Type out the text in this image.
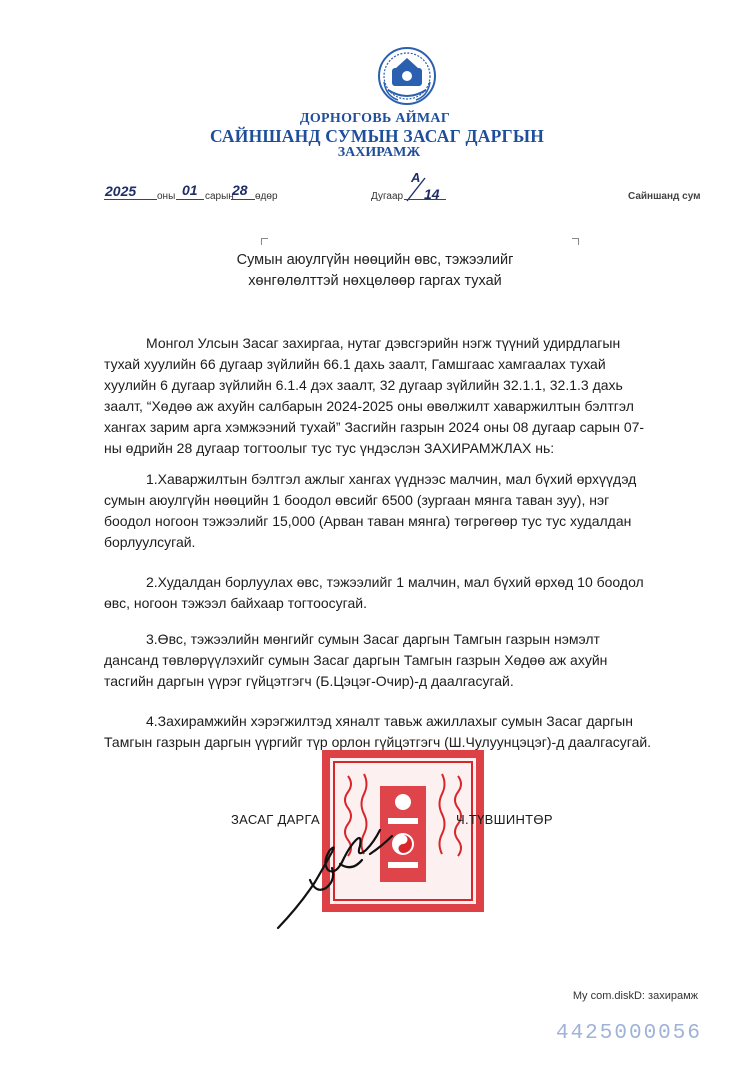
ДОРНОГОВЬ АЙМАГ
САЙНШАНД СУМЫН ЗАСАГ ДАРГЫН
ЗАХИРАМЖ
2025 оны 01 сарын
28 өдөр	Дугаар
А
14	Сайншанд сум
Сумын аюулгүйн нөөцийн өвс, тэжээлийг
хөнгөлөлттэй нөхцөлөөр гаргах тухай
Монгол Улсын Засаг захиргаа, нутаг дэвсгэрийн нэгж түүний удирдлагын
тухай хуулийн 66 дугаар зүйлийн 66.1 дахь заалт, Гамшгаас хамгаалах тухай
хуулийн 6 дугаар зүйлийн 6.1.4 дэх заалт, 32 дугаар зүйлийн 32.1.1, 32.1.3 дахь
заалт, “Хөдөө аж ахуйн салбарын 2024-2025 оны өвөлжилт хаваржилтын бэлтгэл
хангах зарим арга хэмжээний тухай” Засгийн газрын 2024 оны 08 дугаар сарын 07-
ны өдрийн 28 дугаар тогтоолыг тус тус үндэслэн ЗАХИРАМЖЛАХ нь:
1.Хаваржилтын бэлтгэл ажлыг хангах үүднээс малчин, мал бүхий өрхүүдэд
сумын аюулгүйн нөөцийн 1 боодол өвсийг 6500 (зургаан мянга таван зуу), нэг
боодол ногоон тэжээлийг 15,000 (Арван таван мянга) төгрөгөөр тус тус худалдан
борлуулсугай.
2.Худалдан борлуулах өвс, тэжээлийг 1 малчин, мал бүхий өрхөд 10 боодол
өвс, ногоон тэжээл байхаар тогтоосугай.
3.Өвс, тэжээлийн мөнгийг сумын Засаг даргын Тамгын газрын нэмэлт
дансанд төвлөрүүлэхийг сумын Засаг даргын Тамгын газрын Хөдөө аж ахуйн
тасгийн даргын үүрэг гүйцэтгэгч (Б.Цэцэг-Очир)-д даалгасугай.
4.Захирамжийн хэрэгжилтэд хяналт тавьж ажиллахыг сумын Засаг даргын
Тамгын газрын даргын үүргийг түр орлон гүйцэтгэгч (Ш.Чулуунцэцэг)-д даалгасугай.
ЗАСАГ ДАРГА	Ч.ТҮВШИНТӨР
My com.diskD: захирамж
4425000056
